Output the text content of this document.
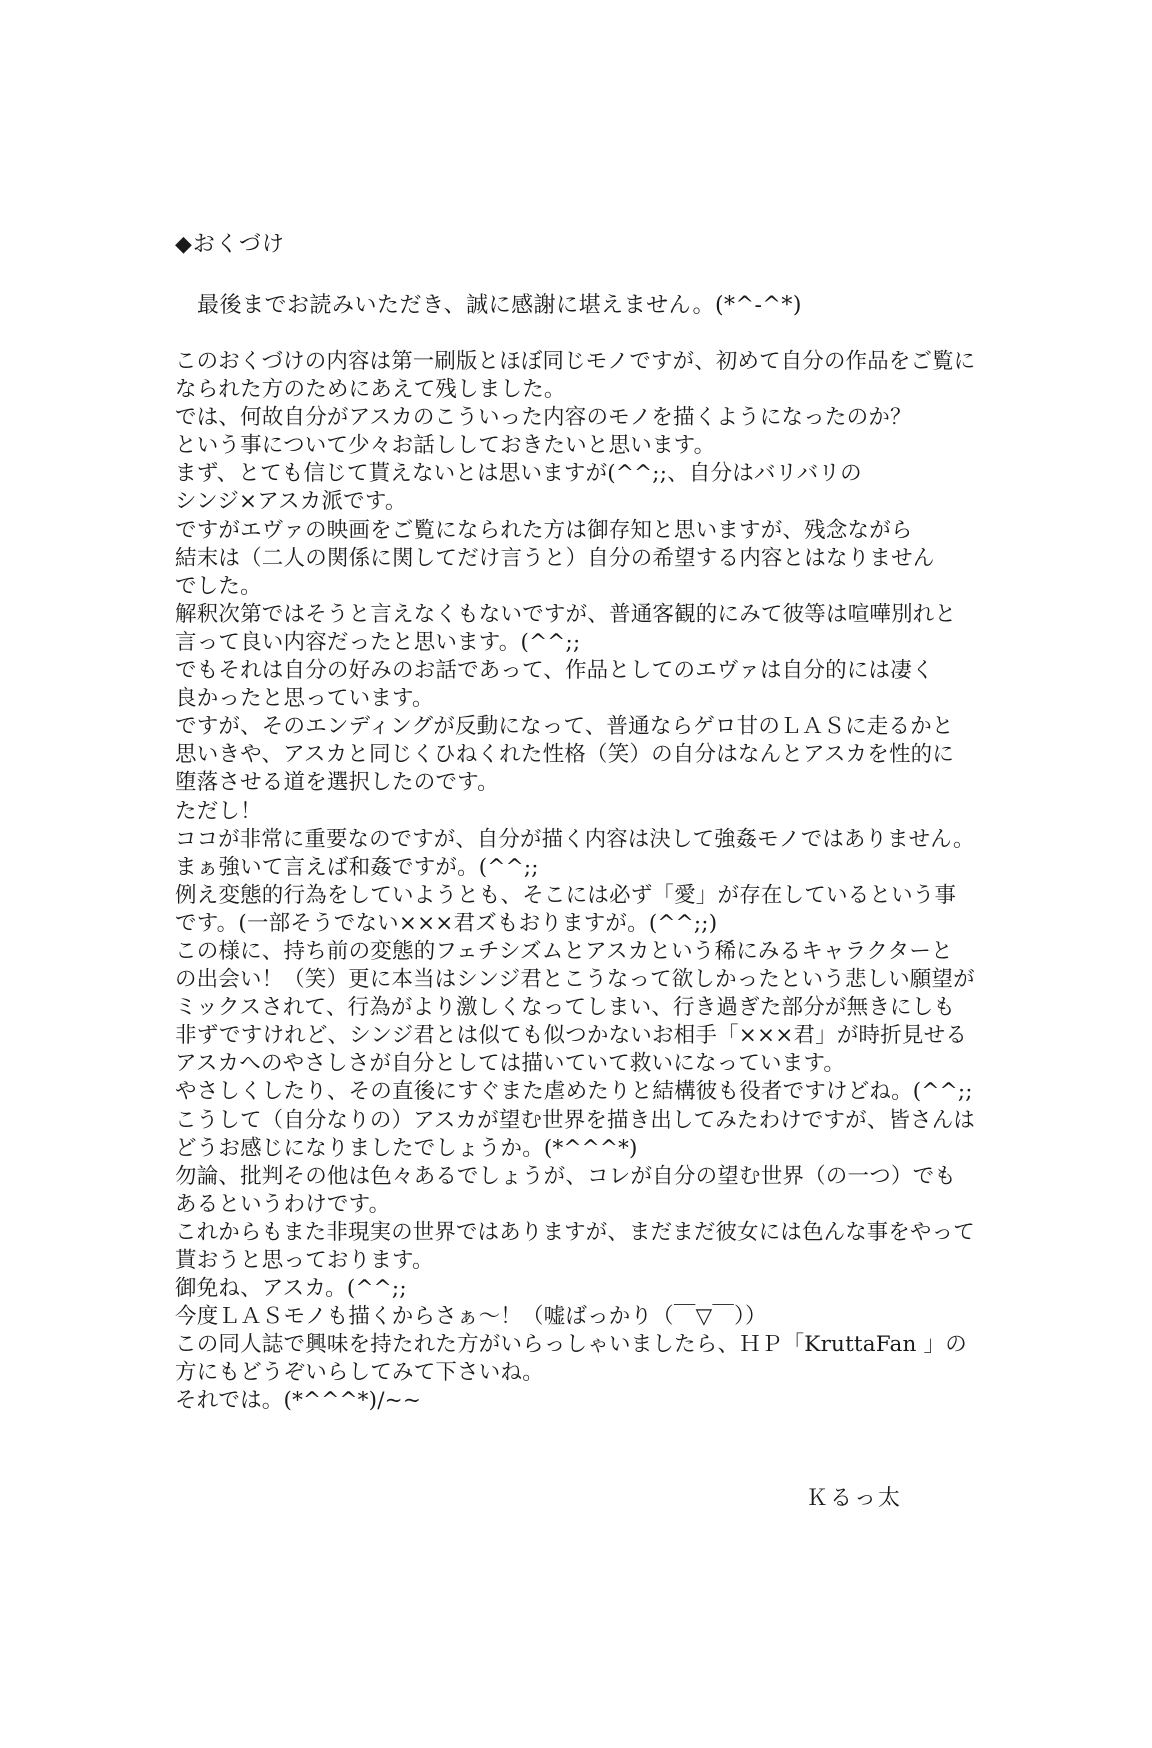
◆おくづけ
最後までお読みいただき、誠に感謝に堪えません。(*^-^*)
このおくづけの内容は第一刷版とほぼ同じモノですが、初めて自分の作品をご覧に
なられた方のためにあえて残しました。
では、何故自分がアスカのこういった内容のモノを描くようになったのか？
という事について少々お話ししておきたいと思います。
まず、とても信じて貰えないとは思いますが(^^;;、自分はバリバリの
シンジ×アスカ派です。
ですがエヴァの映画をご覧になられた方は御存知と思いますが、残念ながら
結末は（二人の関係に関してだけ言うと）自分の希望する内容とはなりません
でした。
解釈次第ではそうと言えなくもないですが、普通客観的にみて彼等は喧嘩別れと
言って良い内容だったと思います。(^^;;
でもそれは自分の好みのお話であって、作品としてのエヴァは自分的には凄く
良かったと思っています。
ですが、そのエンディングが反動になって、普通ならゲロ甘のＬＡＳに走るかと
思いきや、アスカと同じくひねくれた性格（笑）の自分はなんとアスカを性的に
堕落させる道を選択したのです。
ただし！
ココが非常に重要なのですが、自分が描く内容は決して強姦モノではありません。
まぁ強いて言えば和姦ですが。(^^;;
例え変態的行為をしていようとも、そこには必ず「愛」が存在しているという事
です。(一部そうでない×××君ズもおりますが。(^^;;)
この様に、持ち前の変態的フェチシズムとアスカという稀にみるキャラクターと
の出会い！（笑）更に本当はシンジ君とこうなって欲しかったという悲しい願望が
ミックスされて、行為がより激しくなってしまい、行き過ぎた部分が無きにしも
非ずですけれど、シンジ君とは似ても似つかないお相手「×××君」が時折見せる
アスカへのやさしさが自分としては描いていて救いになっています。
やさしくしたり、その直後にすぐまた虐めたりと結構彼も役者ですけどね。(^^;;
こうして（自分なりの）アスカが望む世界を描き出してみたわけですが、皆さんは
どうお感じになりましたでしょうか。(*^^^*)
勿論、批判その他は色々あるでしょうが、コレが自分の望む世界（の一つ）でも
あるというわけです。
これからもまた非現実の世界ではありますが、まだまだ彼女には色んな事をやって
貰おうと思っております。
御免ね、アスカ。(^^;;
今度ＬＡＳモノも描くからさぁ〜！（嘘ばっかり（￣▽￣））
この同人誌で興味を持たれた方がいらっしゃいましたら、ＨＰ「KruttaFan 」の
方にもどうぞいらしてみて下さいね。
それでは。(*^^^*)/~~
Ｋるっ太
